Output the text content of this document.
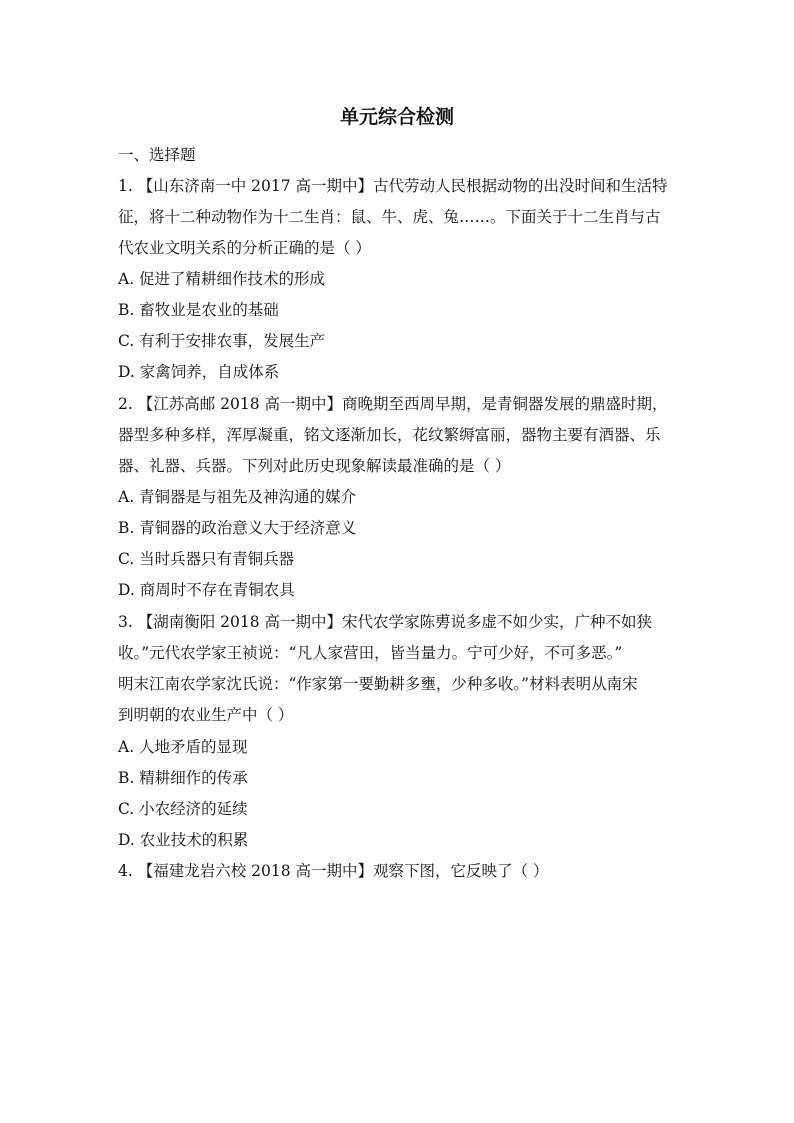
单元综合检测
一、选择题
1. 【山东济南一中 2017 高一期中】古代劳动人民根据动物的出没时间和生活特
征，将十二种动物作为十二生肖：鼠、牛、虎、兔……。下面关于十二生肖与古
代农业文明关系的分析正确的是（ ）
A. 促进了精耕细作技术的形成
B. 畜牧业是农业的基础
C. 有利于安排农事，发展生产
D. 家禽饲养，自成体系
2. 【江苏高邮 2018 高一期中】商晚期至西周早期，是青铜器发展的鼎盛时期，
器型多种多样，浑厚凝重，铭文逐渐加长，花纹繁缛富丽，器物主要有酒器、乐
器、礼器、兵器。下列对此历史现象解读最准确的是（ ）
A. 青铜器是与祖先及神沟通的媒介
B. 青铜器的政治意义大于经济意义
C. 当时兵器只有青铜兵器
D. 商周时不存在青铜农具
3. 【湖南衡阳 2018 高一期中】宋代农学家陈旉说多虚不如少实，广种不如狭
收。”元代农学家王祯说：“凡人家营田，皆当量力。宁可少好，不可多恶。”
明末江南农学家沈氏说：“作家第一要勤耕多壅，少种多收。”材料表明从南宋
到明朝的农业生产中（ ）
A. 人地矛盾的显现
B. 精耕细作的传承
C. 小农经济的延续
D. 农业技术的积累
4. 【福建龙岩六校 2018 高一期中】观察下图，它反映了（ ）
